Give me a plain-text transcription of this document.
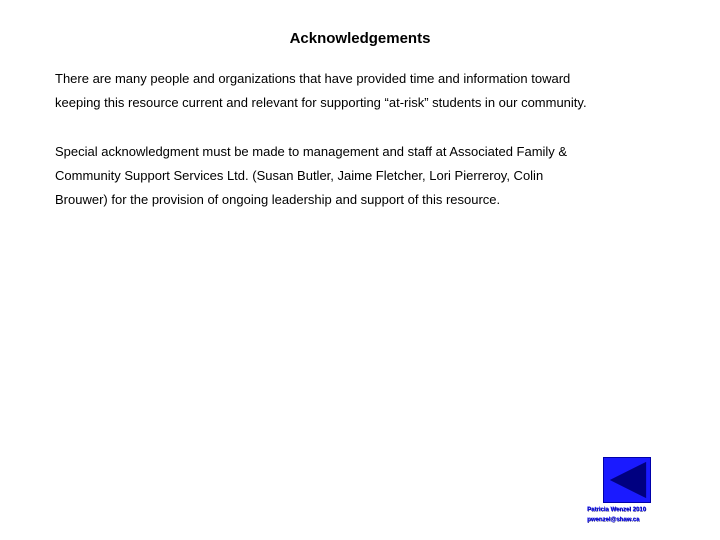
Acknowledgements
There are many people and organizations that have provided time and information toward
keeping this resource current and relevant for supporting “at-risk” students in our community.
Special acknowledgment must be made to management and staff at Associated Family &
Community Support Services Ltd. (Susan Butler, Jaime Fletcher, Lori Pierreroy, Colin
Brouwer) for the provision of ongoing leadership and support of this resource.
Patricia Wenzel 2010
pwenzel@shaw.ca
